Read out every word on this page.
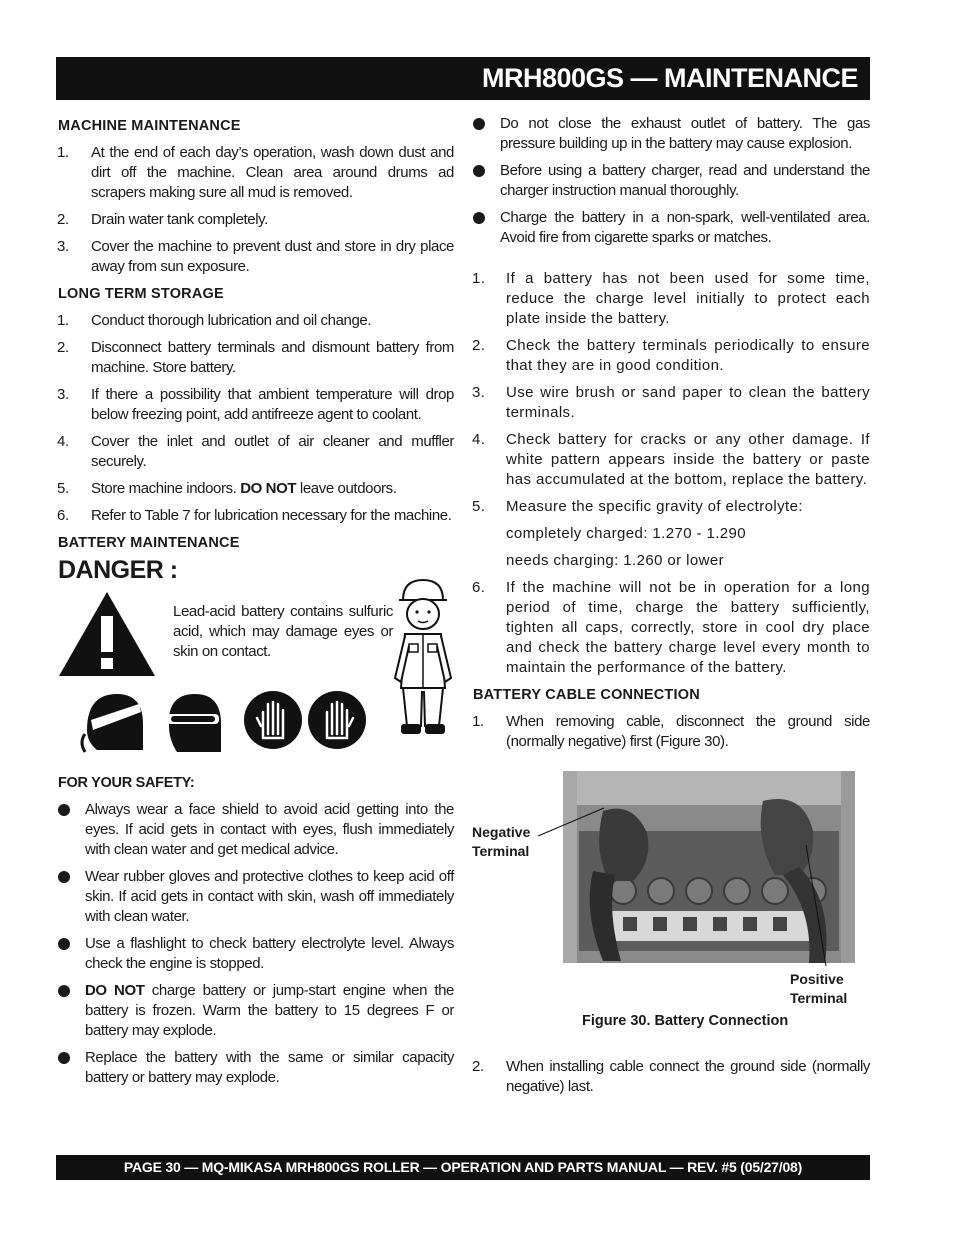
MRH800GS — MAINTENANCE
MACHINE MAINTENANCE
1.	At the end of each day’s operation, wash down dust and dirt off the machine. Clean area around drums ad scrapers making sure all mud is removed.
2.	Drain water tank completely.
3.	Cover the machine to prevent dust and store in dry place away from sun exposure.
LONG TERM STORAGE
1.	Conduct thorough lubrication and oil change.
2.	Disconnect battery terminals and dismount battery from machine. Store battery.
3.	If there a possibility that ambient temperature will drop below freezing point, add antifreeze agent to coolant.
4.	Cover the inlet and outlet of air cleaner and muffler securely.
5.	Store machine indoors. DO NOT leave outdoors.
6.	Refer to Table 7 for lubrication necessary for the machine.
BATTERY MAINTENANCE
DANGER :
Lead-acid battery contains sulfuric acid, which may damage eyes or skin on contact.
FOR YOUR SAFETY:
Always wear a face shield to avoid acid getting into the eyes. If acid gets in contact with eyes, flush immediately with clean water and get medical advice.
Wear rubber gloves and protective clothes to keep acid off skin. If acid gets in contact with skin, wash off immediately with clean water.
Use a flashlight to check battery electrolyte level. Always check the engine is stopped.
DO NOT charge battery or jump-start engine when the battery is frozen. Warm the battery to 15 degrees F or battery may explode.
Replace the battery with the same or similar capacity battery or battery may explode.
Do not close the exhaust outlet of battery. The gas pressure building up in the battery may cause explosion.
Before using a battery charger, read and understand the charger instruction manual thoroughly.
Charge the battery in a non-spark, well-ventilated area. Avoid fire from cigarette sparks or matches.
1.	If a battery has not been used for some time, reduce the charge level initially to protect each plate inside the battery.
2.	Check the battery terminals periodically to ensure that they are in good condition.
3.	Use wire brush or sand paper to clean the battery terminals.
4.	Check battery for cracks or any other damage. If white pattern appears inside the battery or paste has accumulated at the bottom, replace the battery.
5.	Measure the specific gravity of electrolyte:
completely charged: 1.270 - 1.290
needs charging: 1.260 or lower
6.	If the machine will not be in operation for a long period of time, charge the battery sufficiently, tighten all caps, correctly, store in cool dry place and check the battery charge level every month to maintain the performance of the battery.
BATTERY CABLE CONNECTION
1.	When removing cable, disconnect the ground side (normally negative) first (Figure 30).
Negative
Terminal
Positive
Terminal
Figure 30. Battery Connection
2.	When installing cable connect the ground side (normally negative) last.
PAGE 30 — MQ-MIKASA MRH800GS ROLLER — OPERATION AND PARTS MANUAL — REV. #5 (05/27/08)
